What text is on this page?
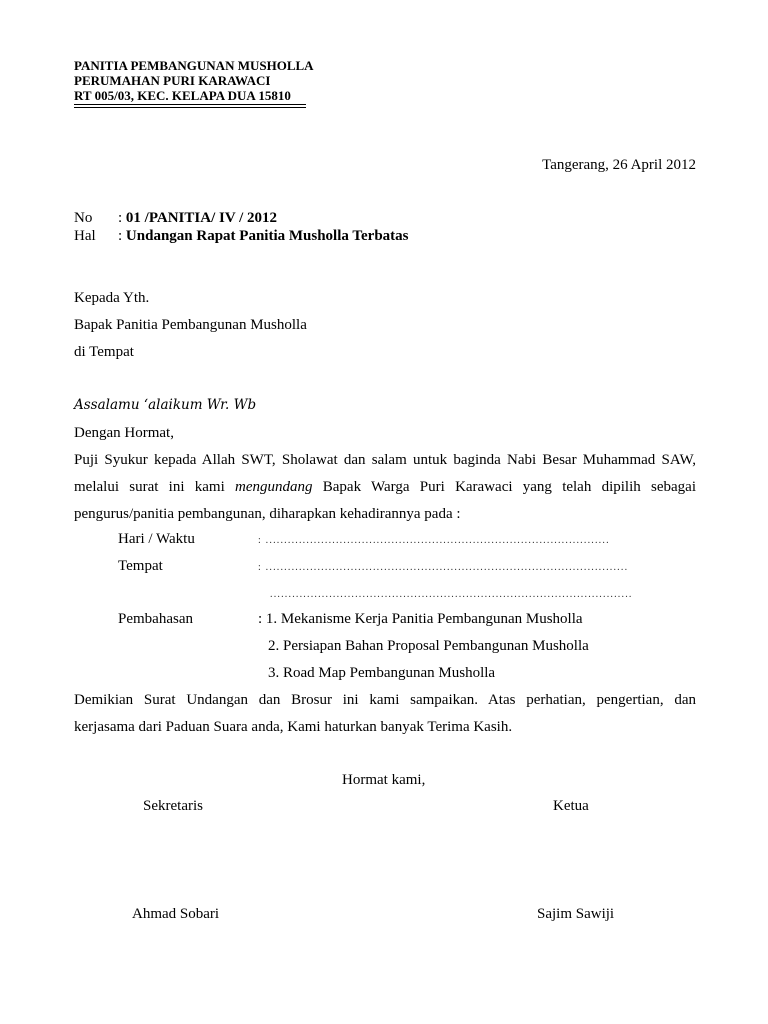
PANITIA PEMBANGUNAN MUSHOLLA
PERUMAHAN PURI KARAWACI
RT 005/03, KEC. KELAPA DUA 15810
Tangerang, 26 April 2012
No : 01 /PANITIA/ IV / 2012
Hal : Undangan Rapat Panitia Musholla Terbatas
Kepada Yth.
Bapak Panitia Pembangunan Musholla
di Tempat
Assalamu ‘alaikum Wr. Wb
Dengan Hormat,
Puji Syukur kepada Allah SWT, Sholawat dan salam untuk baginda Nabi Besar Muhammad SAW,
melalui surat ini kami mengundang Bapak Warga Puri Karawaci yang telah dipilih sebagai
pengurus/panitia pembangunan, diharapkan kehadirannya pada :
Hari / Waktu	: .............................................................................................
Tempat	: ..................................................................................................
..................................................................................................
Pembahasan	: 1. Mekanisme Kerja Panitia Pembangunan Musholla
2. Persiapan Bahan Proposal Pembangunan Musholla
3. Road Map Pembangunan Musholla
Demikian Surat Undangan dan Brosur ini kami sampaikan. Atas perhatian, pengertian, dan
kerjasama dari Paduan Suara anda, Kami haturkan banyak Terima Kasih.
Hormat kami,
Sekretaris	Ketua
Ahmad Sobari	Sajim Sawiji
